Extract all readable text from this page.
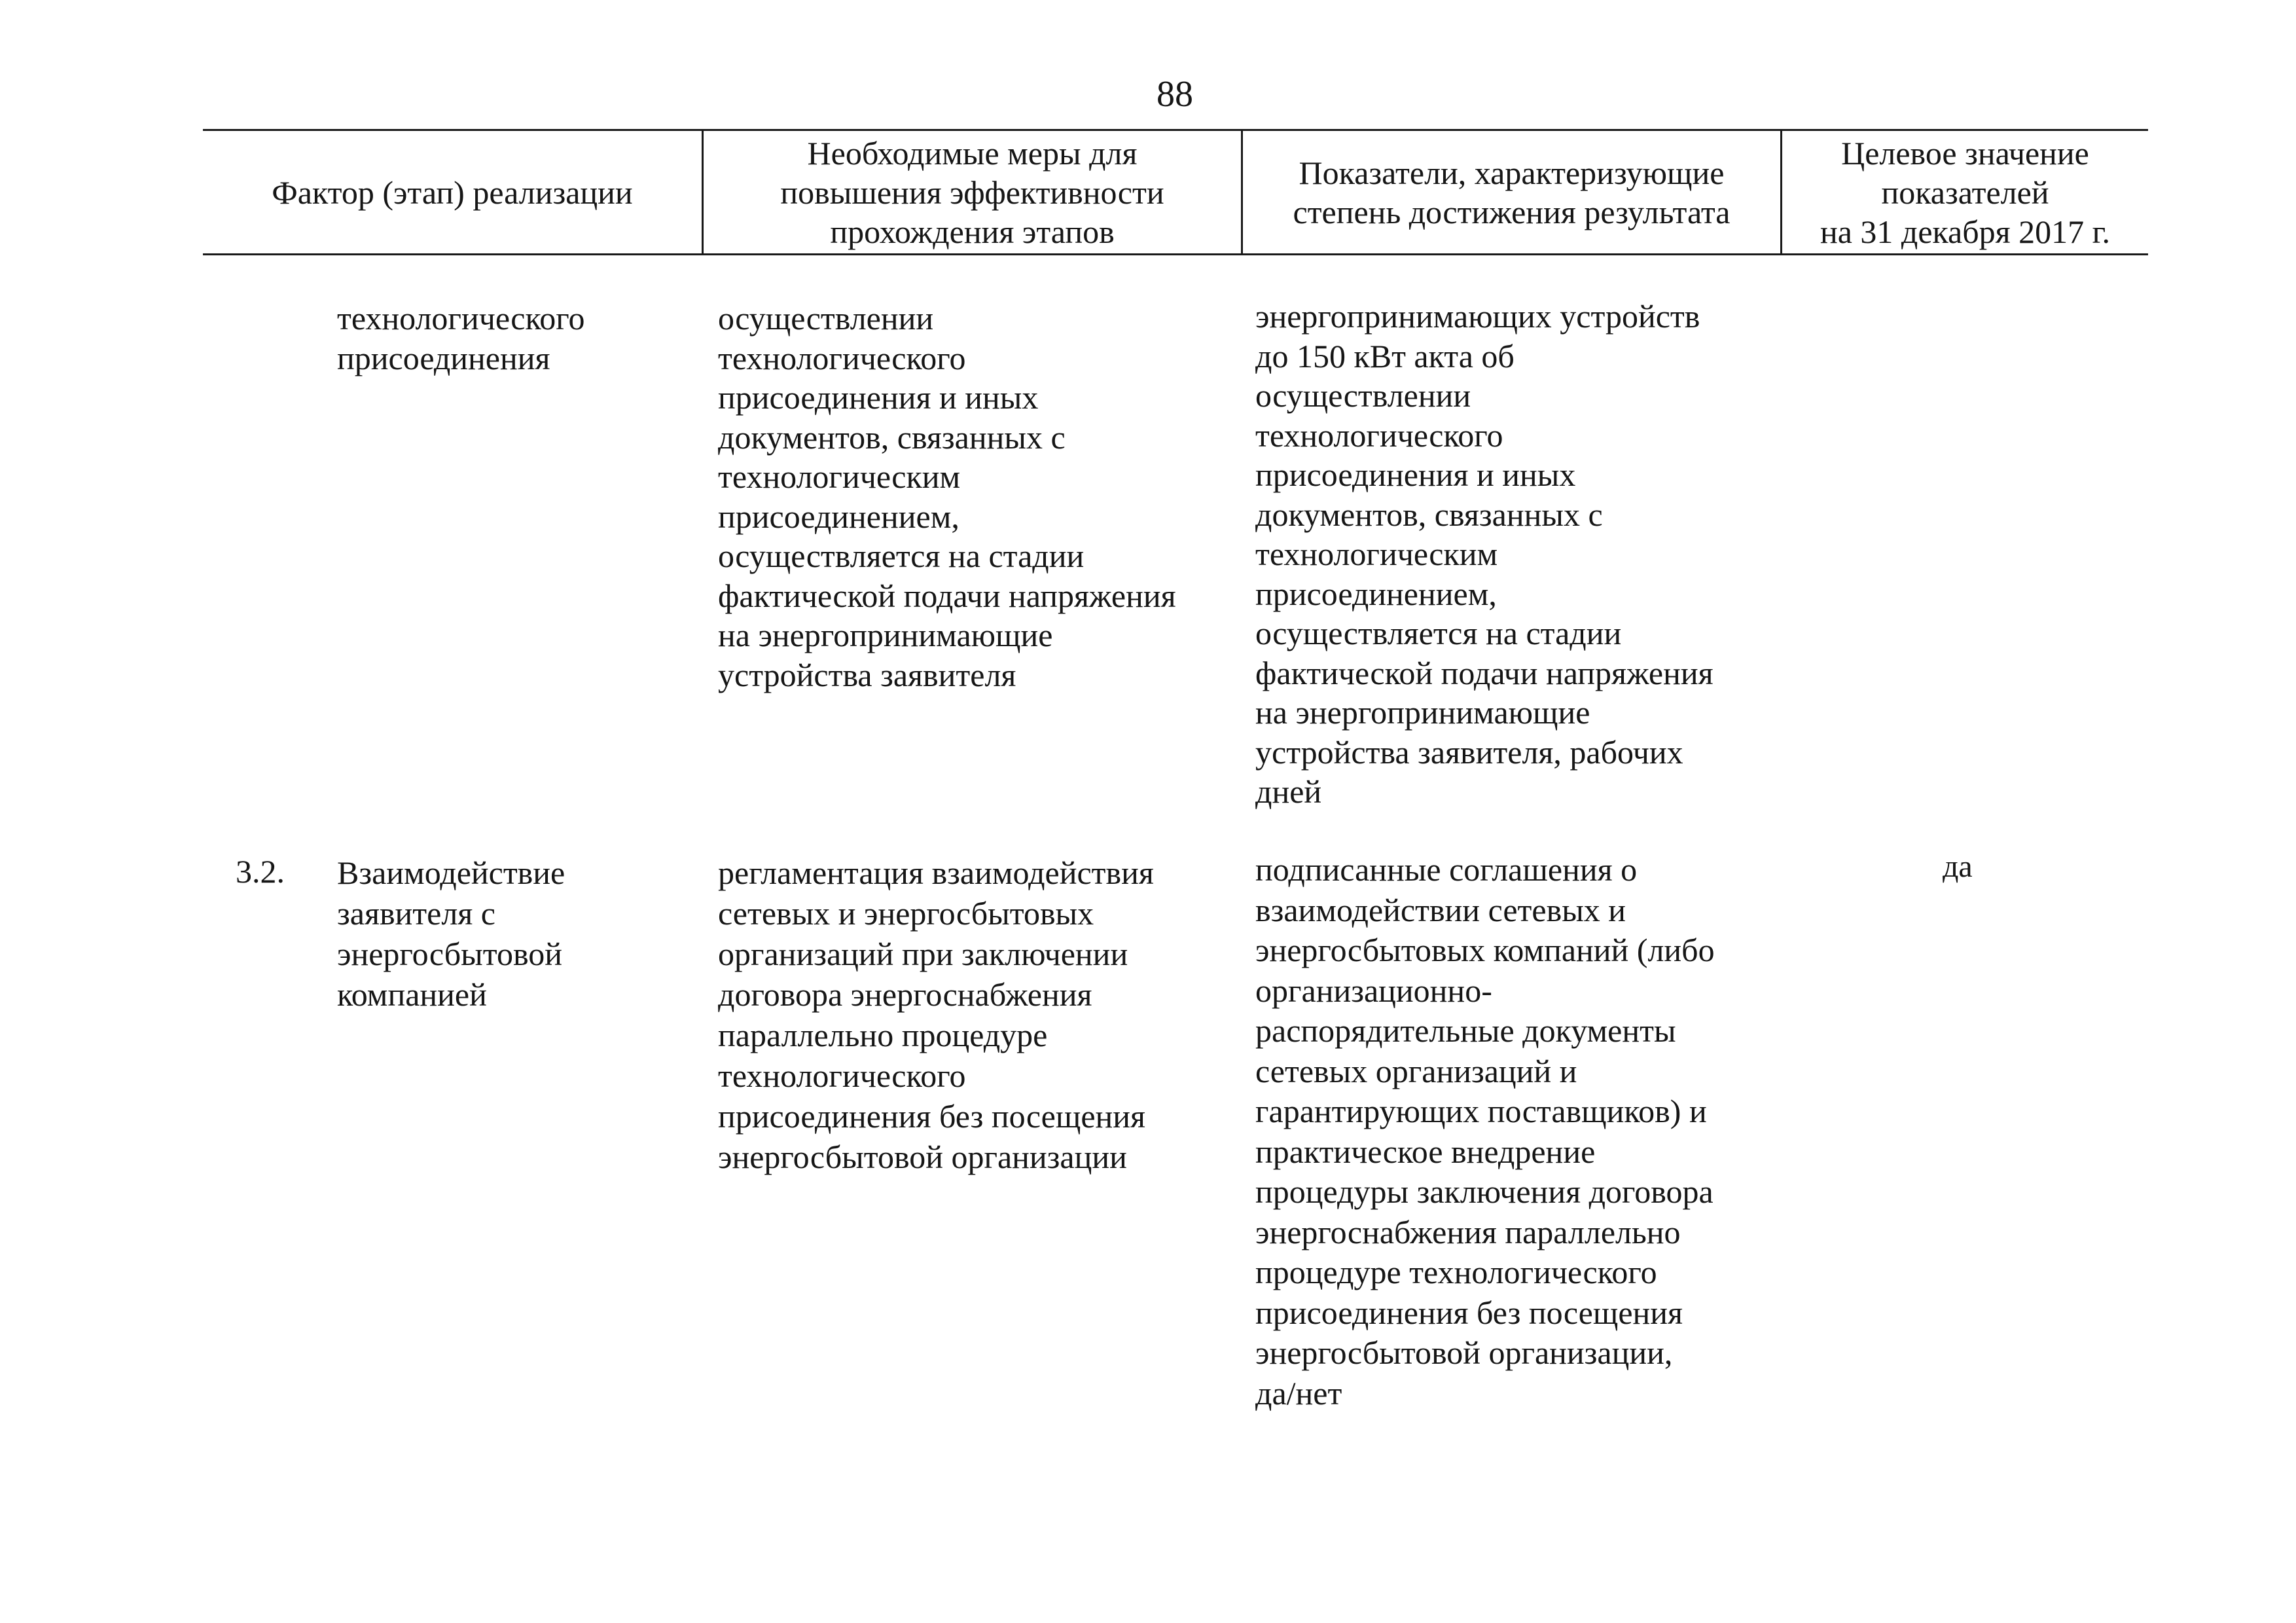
88
Фактор (этап) реализации
Необходимые меры для
повышения эффективности
прохождения этапов
Показатели, характеризующие
степень достижения результата
Целевое значение
показателей
на 31 декабря 2017 г.
технологического
присоединения
осуществлении
технологического
присоединения и иных
документов, связанных с
технологическим
присоединением,
осуществляется на стадии
фактической подачи напряжения
на энергопринимающие
устройства заявителя
энергопринимающих устройств
до 150 кВт акта об
осуществлении
технологического
присоединения и иных
документов, связанных с
технологическим
присоединением,
осуществляется на стадии
фактической подачи напряжения
на энергопринимающие
устройства заявителя, рабочих
дней
3.2. Взаимодействие
заявителя с
энергосбытовой
компанией
регламентация взаимодействия
сетевых и энергосбытовых
организаций при заключении
договора энергоснабжения
параллельно процедуре
технологического
присоединения без посещения
энергосбытовой организации
подписанные соглашения о
взаимодействии сетевых и
энергосбытовых компаний (либо
организационно-
распорядительные документы
сетевых организаций и
гарантирующих поставщиков) и
практическое внедрение
процедуры заключения договора
энергоснабжения параллельно
процедуре технологического
присоединения без посещения
энергосбытовой организации,
да/нет
да
